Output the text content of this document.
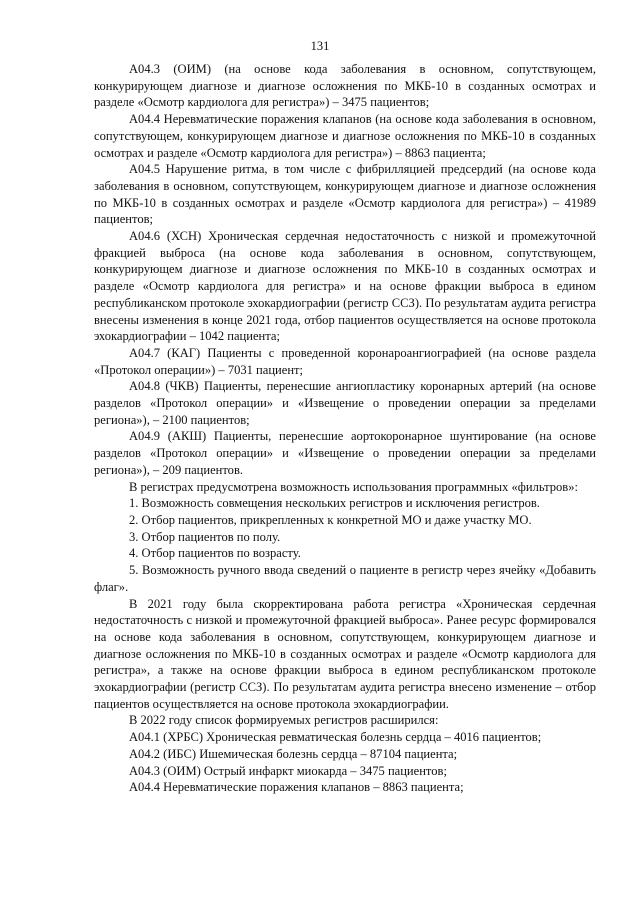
131

А04.3 (ОИМ) (на основе кода заболевания в основном, сопутствующем, конкурирующем диагнозе и диагнозе осложнения по МКБ-10 в созданных осмотрах и разделе «Осмотр кардиолога для регистра») – 3475 пациентов;

А04.4 Неревматические поражения клапанов (на основе кода заболевания в основном, сопутствующем, конкурирующем диагнозе и диагнозе осложнения по МКБ-10 в созданных осмотрах и разделе «Осмотр кардиолога для регистра») – 8863 пациента;

А04.5 Нарушение ритма, в том числе с фибрилляцией предсердий (на основе кода заболевания в основном, сопутствующем, конкурирующем диагнозе и диагнозе осложнения по МКБ-10 в созданных осмотрах и разделе «Осмотр кардиолога для регистра») – 41989 пациентов;

А04.6 (ХСН) Хроническая сердечная недостаточность с низкой и промежуточной фракцией выброса (на основе кода заболевания в основном, сопутствующем, конкурирующем диагнозе и диагнозе осложнения по МКБ-10 в созданных осмотрах и разделе «Осмотр кардиолога для регистра» и на основе фракции выброса в едином республиканском протоколе эхокардиографии (регистр ССЗ). По результатам аудита регистра внесены изменения в конце 2021 года, отбор пациентов осуществляется на основе протокола эхокардиографии – 1042 пациента;

А04.7 (КАГ) Пациенты с проведенной коронароангиографией (на основе раздела «Протокол операции») – 7031 пациент;

А04.8 (ЧКВ) Пациенты, перенесшие ангиопластику коронарных артерий (на основе разделов «Протокол операции» и «Извещение о проведении операции за пределами региона»), – 2100 пациентов;

А04.9 (АКШ) Пациенты, перенесшие аортокоронарное шунтирование (на основе разделов «Протокол операции» и «Извещение о проведении операции за пределами региона»), – 209 пациентов.

В регистрах предусмотрена возможность использования программных «фильтров»:

1. Возможность совмещения нескольких регистров и исключения регистров.

2. Отбор пациентов, прикрепленных к конкретной МО и даже участку МО.

3. Отбор пациентов по полу.

4. Отбор пациентов по возрасту.

5. Возможность ручного ввода сведений о пациенте в регистр через ячейку «Добавить флаг».

В 2021 году была скорректирована работа регистра «Хроническая сердечная недостаточность с низкой и промежуточной фракцией выброса». Ранее ресурс формировался на основе кода заболевания в основном, сопутствующем, конкурирующем диагнозе и диагнозе осложнения по МКБ-10 в созданных осмотрах и разделе «Осмотр кардиолога для регистра», а также на основе фракции выброса в едином республиканском протоколе эхокардиографии (регистр ССЗ). По результатам аудита регистра внесено изменение – отбор пациентов осуществляется на основе протокола эхокардиографии.

В 2022 году список формируемых регистров расширился:

А04.1 (ХРБС) Хроническая ревматическая болезнь сердца – 4016 пациентов;

А04.2 (ИБС) Ишемическая болезнь сердца – 87104 пациента;

А04.3 (ОИМ) Острый инфаркт миокарда – 3475 пациентов;

А04.4 Неревматические поражения клапанов – 8863 пациента;
